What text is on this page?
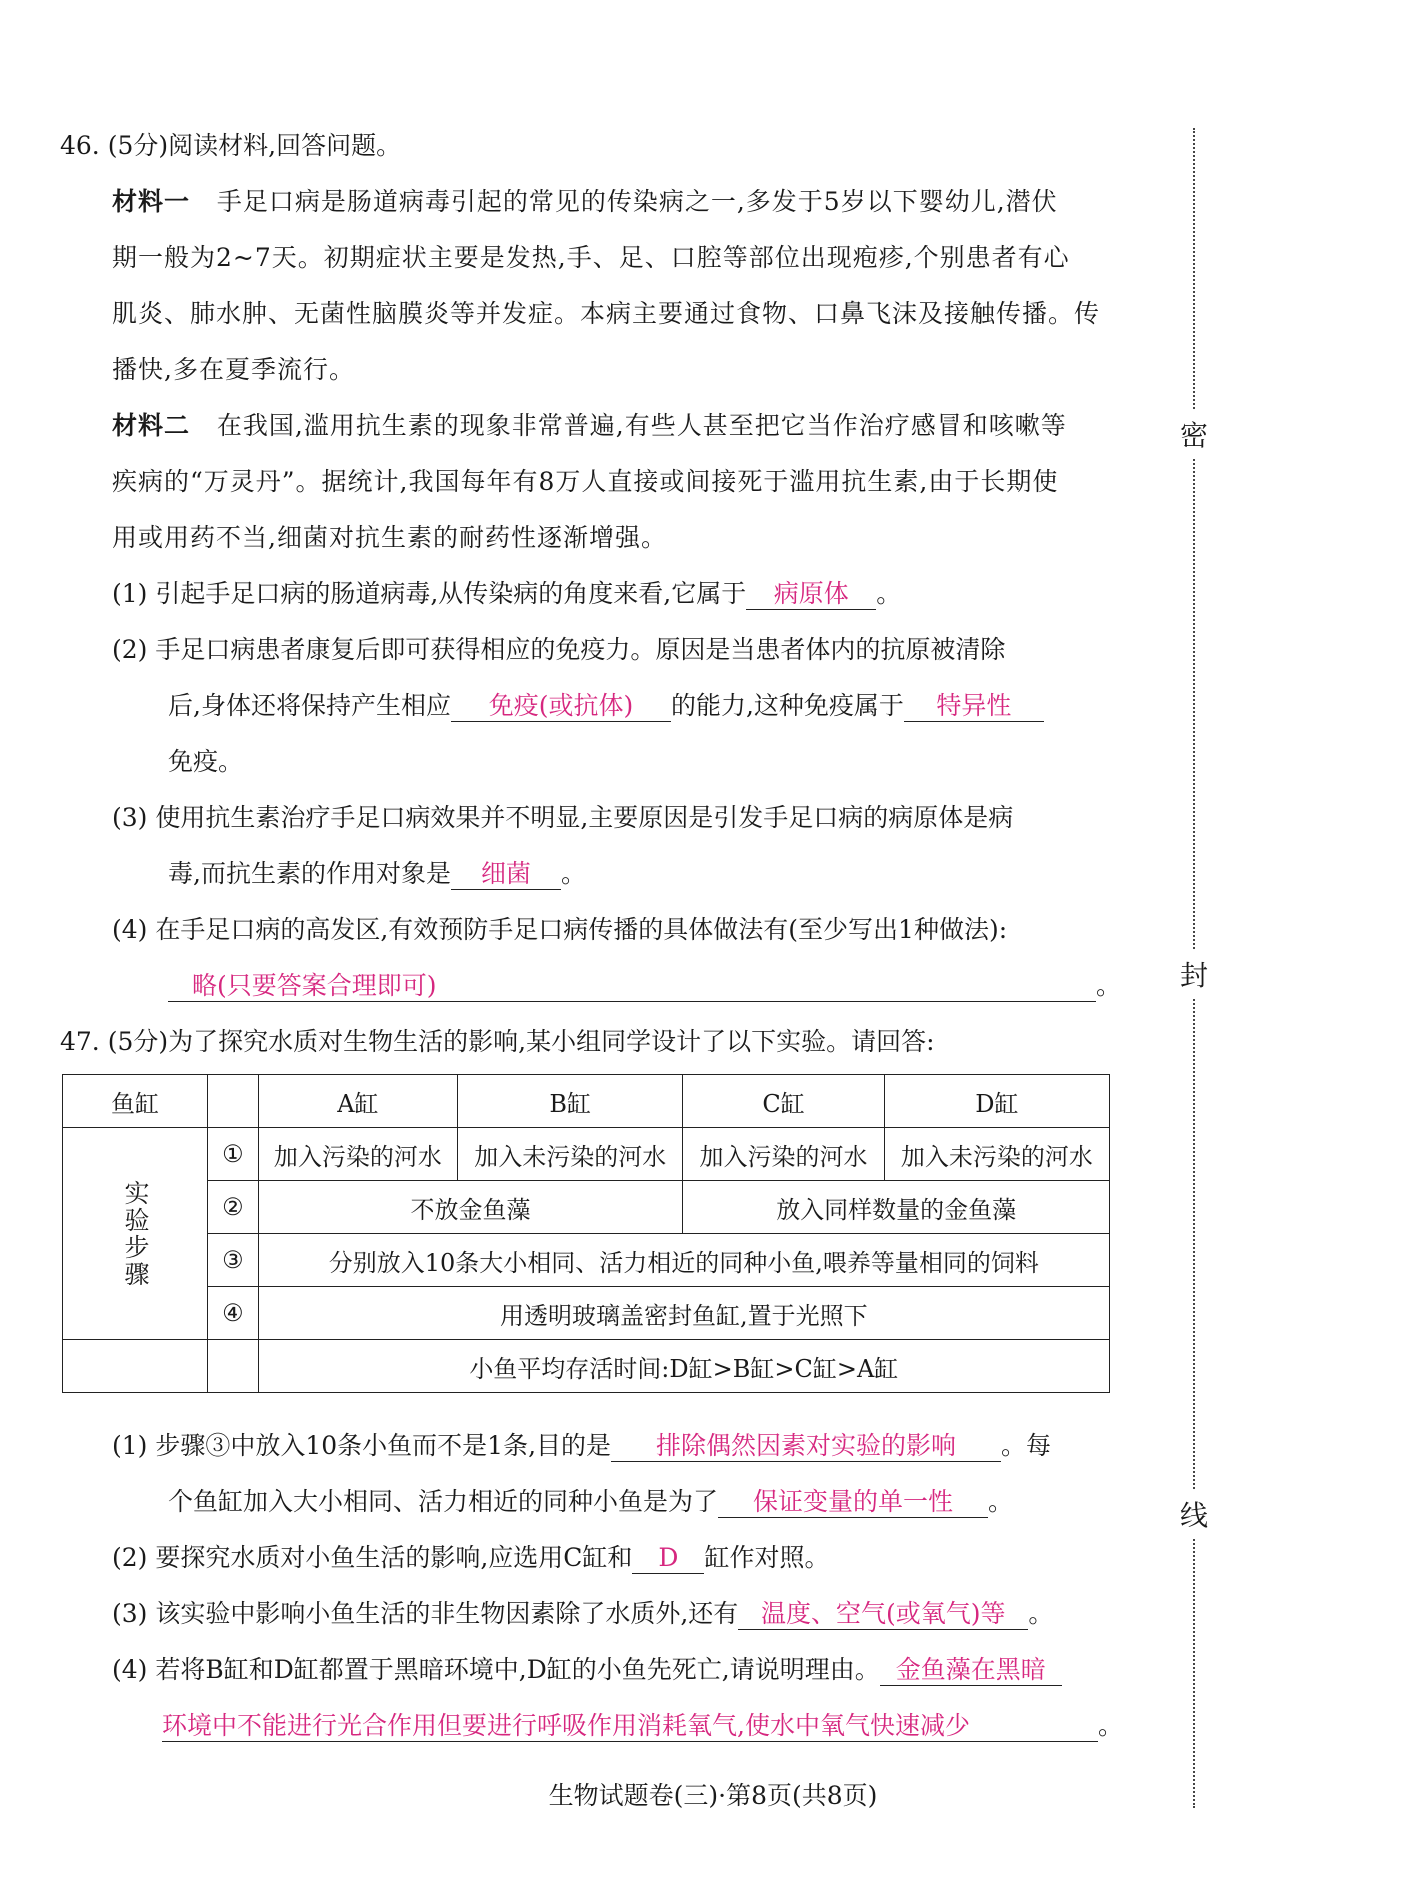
密
封
线
46. (5分)阅读材料,回答问题。
材料一 手足口病是肠道病毒引起的常见的传染病之一,多发于5岁以下婴幼儿,潜伏
期一般为2~7天。初期症状主要是发热,手、足、口腔等部位出现疱疹,个别患者有心
肌炎、肺水肿、无菌性脑膜炎等并发症。本病主要通过食物、口鼻飞沫及接触传播。传
播快,多在夏季流行。
材料二 在我国,滥用抗生素的现象非常普遍,有些人甚至把它当作治疗感冒和咳嗽等
疾病的“万灵丹”。据统计,我国每年有8万人直接或间接死于滥用抗生素,由于长期使
用或用药不当,细菌对抗生素的耐药性逐渐增强。
(1) 引起手足口病的肠道病毒,从传染病的角度来看,它属于 病原体 。
(2) 手足口病患者康复后即可获得相应的免疫力。原因是当患者体内的抗原被清除
后,身体还将保持产生相应 免疫(或抗体) 的能力,这种免疫属于 特异性
免疫。
(3) 使用抗生素治疗手足口病效果并不明显,主要原因是引发手足口病的病原体是病
毒,而抗生素的作用对象是 细菌 。
(4) 在手足口病的高发区,有效预防手足口病传播的具体做法有(至少写出1种做法):
略(只要答案合理即可)	。
47. (5分)为了探究水质对生物生活的影响,某小组同学设计了以下实验。请回答:
鱼缸		A缸	B缸	C缸	D缸

实验步骤	①	加入污染的河水	加入未污染的河水	加入污染的河水	加入未污染的河水
	②	不放金鱼藻		放入同样数量的金鱼藻	
	③	分别放入10条大小相同、活力相近的同种小鱼,喂养等量相同的饲料			
	④	用透明玻璃盖密封鱼缸,置于光照下			
		小鱼平均存活时间:D缸>B缸>C缸>A缸			
(1) 步骤③中放入10条小鱼而不是1条,目的是 排除偶然因素对实验的影响 。每
个鱼缸加入大小相同、活力相近的同种小鱼是为了 保证变量的单一性 。
(2) 要探究水质对小鱼生活的影响,应选用C缸和 D 缸作对照。
(3) 该实验中影响小鱼生活的非生物因素除了水质外,还有 温度、空气(或氧气)等 。
(4) 若将B缸和D缸都置于黑暗环境中,D缸的小鱼先死亡,请说明理由。 金鱼藻在黑暗
环境中不能进行光合作用但要进行呼吸作用消耗氧气,使水中氧气快速减少	。
生物试题卷(三)·第8页(共8页)
